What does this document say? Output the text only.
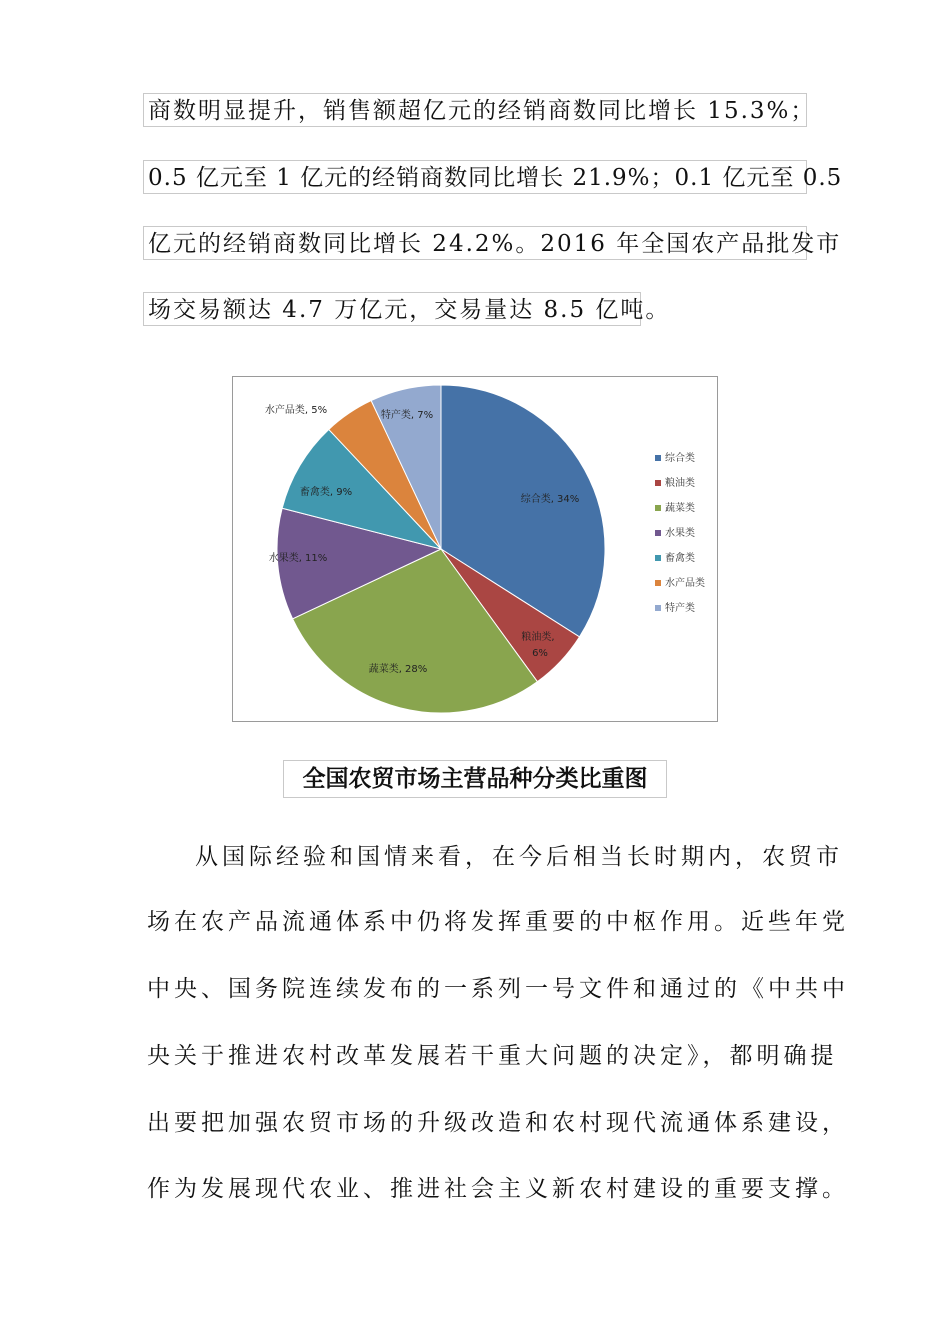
商数明显提升，销售额超亿元的经销商数同比增长 15.3%；
0.5 亿元至 1 亿元的经销商数同比增长 21.9%；0.1 亿元至 0.5
亿元的经销商数同比增长 24.2%。2016 年全国农产品批发市
场交易额达 4.7 万亿元，交易量达 8.5 亿吨。
综合类, 34%
粮油类,
6%
蔬菜类, 28%
水果类, 11%
畜禽类, 9%
水产品类, 5%	特产类, 7%
综合类
粮油类
蔬菜类
水果类
畜禽类
水产品类
特产类
全国农贸市场主营品种分类比重图
从国际经验和国情来看，在今后相当长时期内，农贸市
场在农产品流通体系中仍将发挥重要的中枢作用。近些年党
中央、国务院连续发布的一系列一号文件和通过的《中共中
央关于推进农村改革发展若干重大问题的决定》，都明确提
出要把加强农贸市场的升级改造和农村现代流通体系建设，
作为发展现代农业、推进社会主义新农村建设的重要支撑。
